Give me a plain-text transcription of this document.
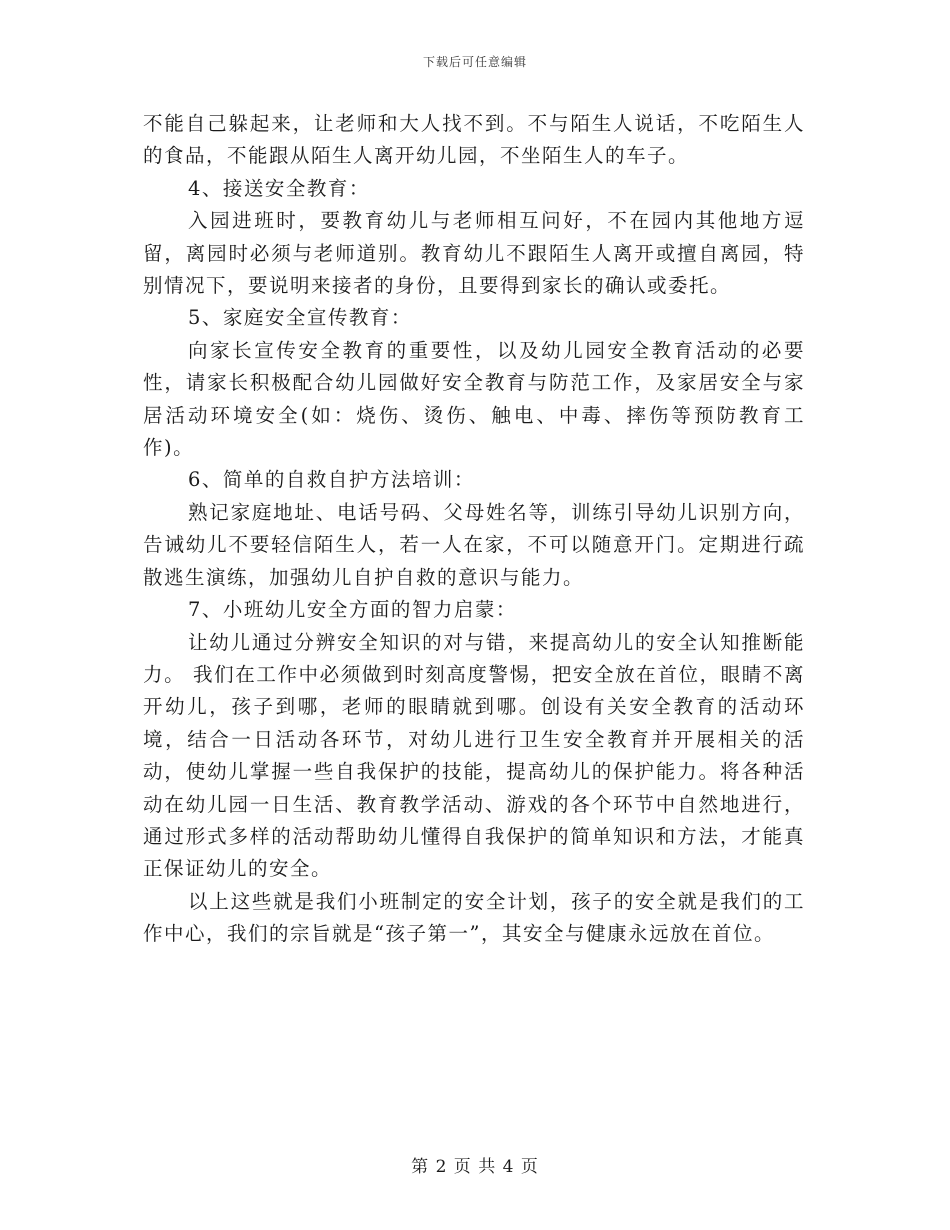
下载后可任意编辑

不能自己躲起来，让老师和大人找不到。不与陌生人说话，不吃陌生人的食品，不能跟从陌生人离开幼儿园，不坐陌生人的车子。

4、接送安全教育：

入园进班时，要教育幼儿与老师相互问好，不在园内其他地方逗留，离园时必须与老师道别。教育幼儿不跟陌生人离开或擅自离园，特别情况下，要说明来接者的身份，且要得到家长的确认或委托。

5、家庭安全宣传教育：

向家长宣传安全教育的重要性，以及幼儿园安全教育活动的必要性，请家长积极配合幼儿园做好安全教育与防范工作，及家居安全与家居活动环境安全(如：烧伤、烫伤、触电、中毒、摔伤等预防教育工作)。

6、简单的自救自护方法培训：

熟记家庭地址、电话号码、父母姓名等，训练引导幼儿识别方向，告诫幼儿不要轻信陌生人，若一人在家，不可以随意开门。定期进行疏散逃生演练，加强幼儿自护自救的意识与能力。

7、小班幼儿安全方面的智力启蒙：

让幼儿通过分辨安全知识的对与错，来提高幼儿的安全认知推断能力。 我们在工作中必须做到时刻高度警惕，把安全放在首位，眼睛不离开幼儿，孩子到哪，老师的眼睛就到哪。创设有关安全教育的活动环境，结合一日活动各环节，对幼儿进行卫生安全教育并开展相关的活动，使幼儿掌握一些自我保护的技能，提高幼儿的保护能力。将各种活动在幼儿园一日生活、教育教学活动、游戏的各个环节中自然地进行，通过形式多样的活动帮助幼儿懂得自我保护的简单知识和方法，才能真正保证幼儿的安全。

以上这些就是我们小班制定的安全计划，孩子的安全就是我们的工作中心，我们的宗旨就是“孩子第一”，其安全与健康永远放在首位。

第 2 页 共 4 页
